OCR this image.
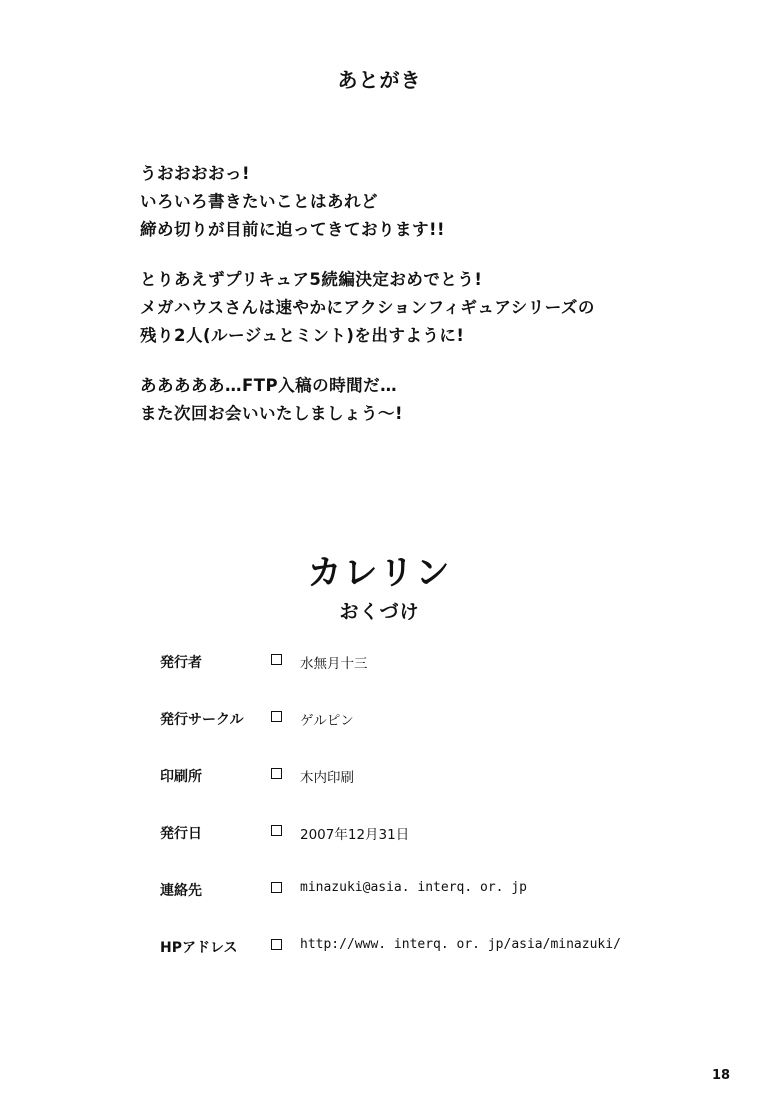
あとがき
うおおおおっ!
いろいろ書きたいことはあれど
締め切りが目前に迫ってきております!!
とりあえずプリキュア5続編決定おめでとう!
メガハウスさんは速やかにアクションフィギュアシリーズの
残り2人(ルージュとミント)を出すように!
あああああ…FTP入稿の時間だ…
また次回お会いいたしましょう〜!
カレリン
おくづけ
発行者	水無月十三
発行サークル	ゲルピン
印刷所	木内印刷
発行日	2007年12月31日
連絡先	minazuki@asia. interq. or. jp
HPアドレス	http://www. interq. or. jp/asia/minazuki/
18
